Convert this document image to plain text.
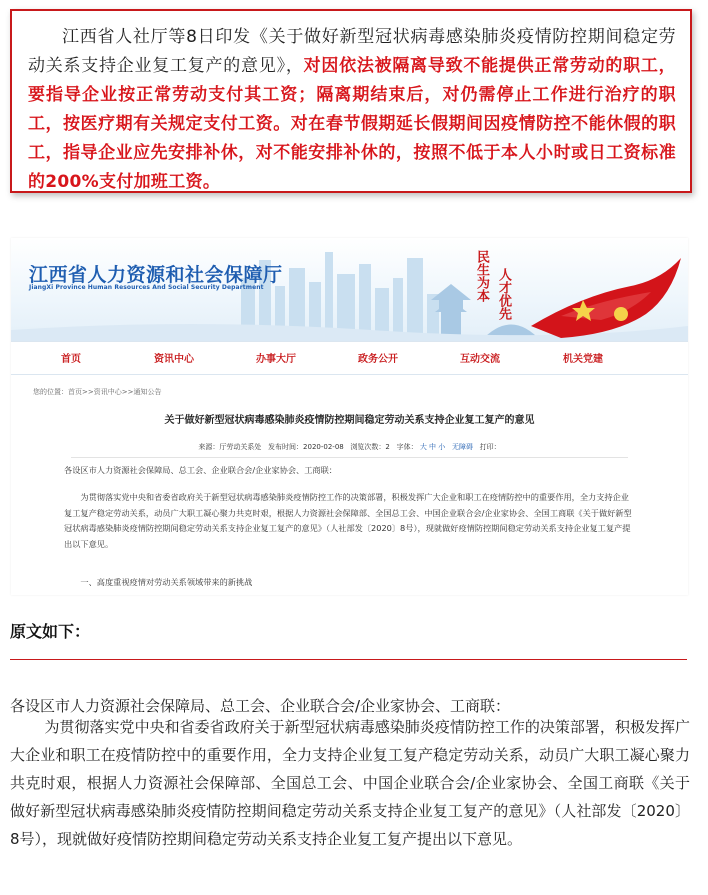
江西省人社厅等8日印发《关于做好新型冠状病毒感染肺炎疫情防控期间稳定劳动关系支持企业复工复产的意见》，对因依法被隔离导致不能提供正常劳动的职工，要指导企业按正常劳动支付其工资；隔离期结束后，对仍需停止工作进行治疗的职工，按医疗期有关规定支付工资。对在春节假期延长假期间因疫情防控不能休假的职工，指导企业应先安排补休，对不能安排补休的，按照不低于本人小时或日工资标准的200%支付加班工资。
江西省人力资源和社会保障厅
JiangXi Province Human Resources And Social Security Department	民生为本 人才优先
首页	资讯中心	办事大厅	政务公开	互动交流	机关党建
您的位置：首页>>资讯中心>>通知公告
关于做好新型冠状病毒感染肺炎疫情防控期间稳定劳动关系支持企业复工复产的意见
来源：厅劳动关系处 发布时间：2020-02-08 浏览次数：2 字体： 大 中 小 无障碍 打印：
各设区市人力资源社会保障局、总工会、企业联合会/企业家协会、工商联：
为贯彻落实党中央和省委省政府关于新型冠状病毒感染肺炎疫情防控工作的决策部署，积极发挥广大企业和职工在疫情防控中的重要作用，全力支持企业复工复产稳定劳动关系，动员广大职工凝心聚力共克时艰，根据人力资源社会保障部、全国总工会、中国企业联合会/企业家协会、全国工商联《关于做好新型冠状病毒感染肺炎疫情防控期间稳定劳动关系支持企业复工复产的意见》（人社部发〔2020〕8号），现就做好疫情防控期间稳定劳动关系支持企业复工复产提出以下意见。
一、高度重视疫情对劳动关系领域带来的新挑战
原文如下：
各设区市人力资源社会保障局、总工会、企业联合会/企业家协会、工商联：
为贯彻落实党中央和省委省政府关于新型冠状病毒感染肺炎疫情防控工作的决策部署，积极发挥广大企业和职工在疫情防控中的重要作用，全力支持企业复工复产稳定劳动关系，动员广大职工凝心聚力共克时艰，根据人力资源社会保障部、全国总工会、中国企业联合会/企业家协会、全国工商联《关于做好新型冠状病毒感染肺炎疫情防控期间稳定劳动关系支持企业复工复产的意见》（人社部发〔2020〕8号），现就做好疫情防控期间稳定劳动关系支持企业复工复产提出以下意见。
